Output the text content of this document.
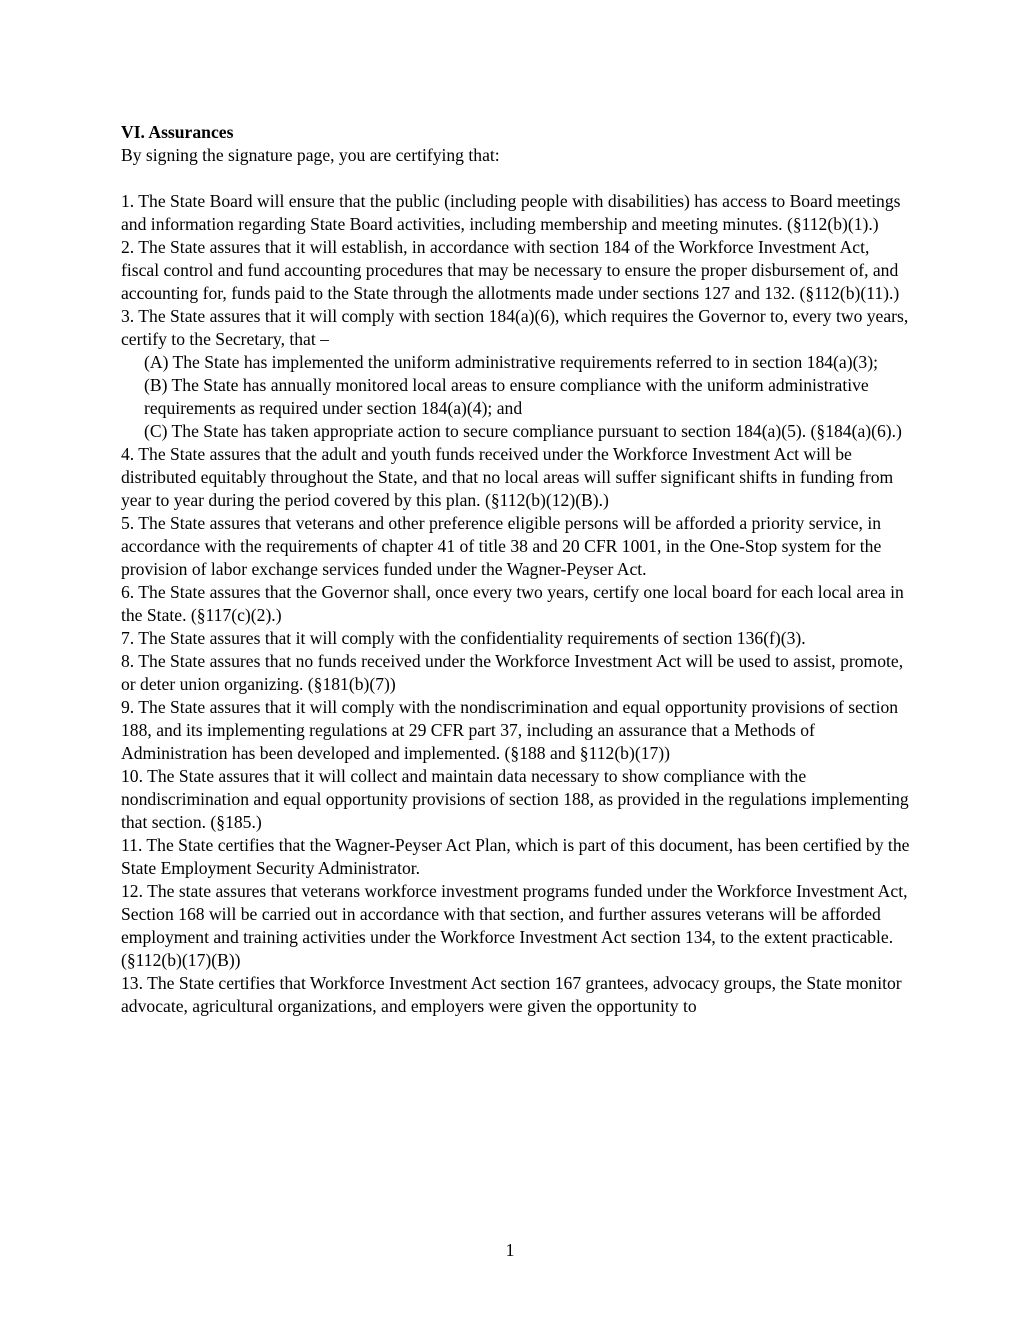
VI. Assurances

By signing the signature page, you are certifying that:

1. The State Board will ensure that the public (including people with disabilities) has access to Board meetings and information regarding State Board activities, including membership and meeting minutes. (§112(b)(1).)

2. The State assures that it will establish, in accordance with section 184 of the Workforce Investment Act, fiscal control and fund accounting procedures that may be necessary to ensure the proper disbursement of, and accounting for, funds paid to the State through the allotments made under sections 127 and 132. (§112(b)(11).)

3. The State assures that it will comply with section 184(a)(6), which requires the Governor to, every two years, certify to the Secretary, that –

(A) The State has implemented the uniform administrative requirements referred to in section 184(a)(3);

(B) The State has annually monitored local areas to ensure compliance with the uniform administrative requirements as required under section 184(a)(4); and

(C) The State has taken appropriate action to secure compliance pursuant to section 184(a)(5). (§184(a)(6).)

4. The State assures that the adult and youth funds received under the Workforce Investment Act will be distributed equitably throughout the State, and that no local areas will suffer significant shifts in funding from year to year during the period covered by this plan. (§112(b)(12)(B).)

5. The State assures that veterans and other preference eligible persons will be afforded a priority service, in accordance with the requirements of chapter 41 of title 38 and 20 CFR 1001, in the One-Stop system for the provision of labor exchange services funded under the Wagner-Peyser Act.

6. The State assures that the Governor shall, once every two years, certify one local board for each local area in the State. (§117(c)(2).)

7. The State assures that it will comply with the confidentiality requirements of section 136(f)(3).

8. The State assures that no funds received under the Workforce Investment Act will be used to assist, promote, or deter union organizing. (§181(b)(7))

9. The State assures that it will comply with the nondiscrimination and equal opportunity provisions of section 188, and its implementing regulations at 29 CFR part 37, including an assurance that a Methods of Administration has been developed and implemented. (§188 and §112(b)(17))

10. The State assures that it will collect and maintain data necessary to show compliance with the nondiscrimination and equal opportunity provisions of section 188, as provided in the regulations implementing that section. (§185.)

11. The State certifies that the Wagner-Peyser Act Plan, which is part of this document, has been certified by the State Employment Security Administrator.

12. The state assures that veterans workforce investment programs funded under the Workforce Investment Act, Section 168 will be carried out in accordance with that section, and further assures veterans will be afforded employment and training activities under the Workforce Investment Act section 134, to the extent practicable. (§112(b)(17)(B))

13. The State certifies that Workforce Investment Act section 167 grantees, advocacy groups, the State monitor advocate, agricultural organizations, and employers were given the opportunity to

1
